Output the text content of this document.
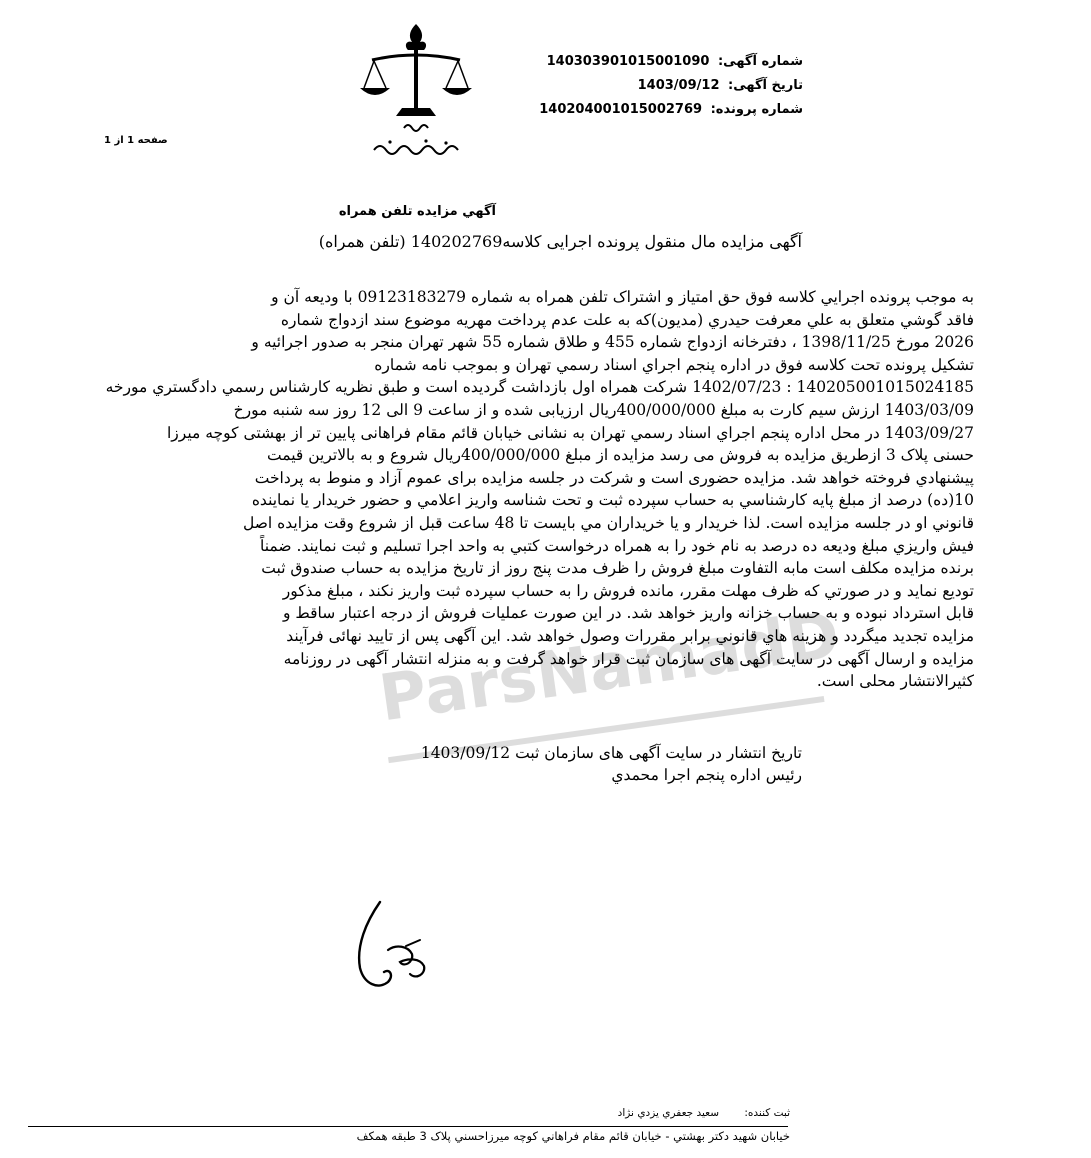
شماره آگهی: 140303901015001090
تاریخ آگهی: 1403/09/12
شماره پرونده: 140204001015002769
صفحه 1 از 1
آگهي مزايده تلفن همراه
آگهی مزایده مال منقول پرونده اجرایی کلاسه140202769 (تلفن همراه)
ParsNamadData
به موجب پرونده اجرايي كلاسه فوق حق امتياز و اشتراک تلفن همراه به شماره 09123183279 با ودیعه آن و
فاقد گوشي متعلق به علي معرفت حيدري (مديون)كه به علت عدم پرداخت مهريه موضوع سند ازدواج شماره
2026 مورخ 1398/11/25 ، دفترخانه ازدواج شماره 455 و طلاق شماره 55 شهر تهران منجر به صدور اجرائيه و
تشكيل پرونده تحت كلاسه فوق در اداره پنجم اجراي اسناد رسمي تهران و بموجب نامه شماره
140205001015024185 : 1402/07/23 شركت همراه اول بازداشت گرديده است و طبق نظريه كارشناس رسمي دادگستري مورخه
1403/03/09 ارزش سيم كارت به مبلغ 400/000/000ريال ارزيابی شده و از ساعت 9 الی 12 روز سه شنبه مورخ
1403/09/27 در محل اداره پنجم اجراي اسناد رسمي تهران به نشانی خيابان قائم مقام فراهانی پايين تر از بهشتی كوچه ميرزا
حسنی پلاک 3 ازطريق مزايده به فروش می رسد مزايده از مبلغ 400/000/000ريال شروع و به بالاترين قيمت
پيشنهادي فروخته خواهد شد. مزايده حضوری است و شركت در جلسه مزايده برای عموم آزاد و منوط به پرداخت
10(ده) درصد از مبلغ پايه كارشناسي به حساب سپرده ثبت و تحت شناسه واريز اعلامي و حضور خريدار يا نماينده
قانوني او در جلسه مزايده است. لذا خريدار و يا خريداران مي بايست تا 48 ساعت قبل از شروع وقت مزايده اصل
فيش واريزي مبلغ وديعه ده درصد به نام خود را به همراه درخواست كتبي به واحد اجرا تسليم و ثبت نمايند. ضمناً
برنده مزايده مكلف است مابه التفاوت مبلغ فروش را ظرف مدت پنج روز از تاريخ مزايده به حساب صندوق ثبت
توديع نمايد و در صورتي كه ظرف مهلت مقرر، مانده فروش را به حساب سپرده ثبت واريز نكند ، مبلغ مذكور
قابل استرداد نبوده و به حساب خزانه واريز خواهد شد. در اين صورت عمليات فروش از درجه اعتبار ساقط و
مزايده تجديد ميگردد و هزينه هاي قانوني برابر مقررات وصول خواهد شد. اين آگهی پس از تاييد نهائی فرآيند
مزايده و ارسال آگهی در سايت آگهی های سازمان ثبت قرار خواهد گرفت و به منزله انتشار آگهی در روزنامه
كثيرالانتشار محلی است.
تاریخ انتشار در سایت آگهی های سازمان ثبت 1403/09/12
رئيس اداره پنجم اجرا محمدي
ثبت کننده: سعید جعفري يزدي نژاد
خيابان شهيد دكتر بهشتي - خيابان قائم مقام فراهاني كوچه ميرزاحسني پلاک 3 طبقه همكف
